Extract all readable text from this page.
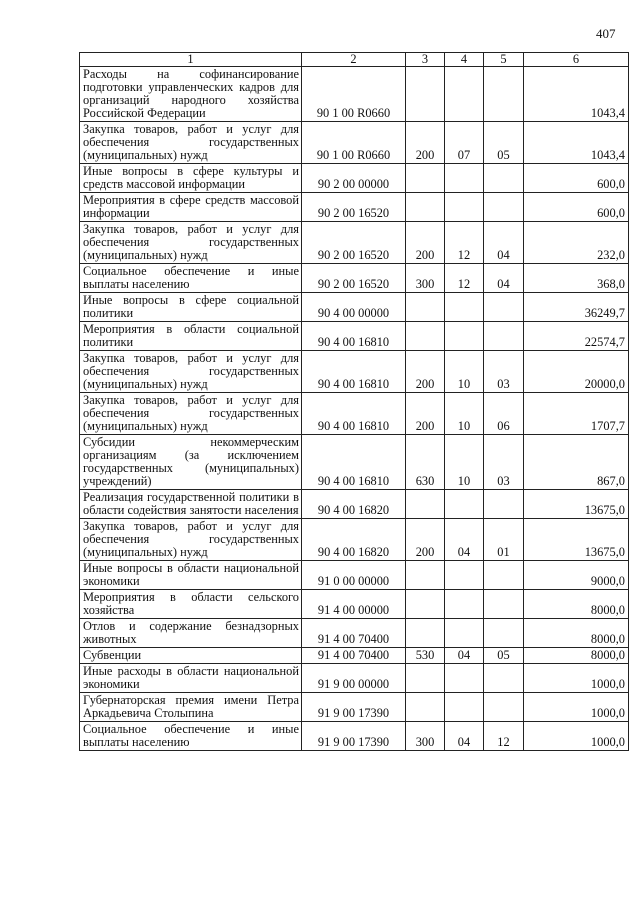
407
1	2	3	4	5	6
Расходы на софинансирование подготовки управленческих кадров для организаций народного хозяйства Российской Федерации	90 1 00 R0660				1043,4
Закупка товаров, работ и услуг для обеспечения государственных (муниципальных) нужд	90 1 00 R0660	200	07	05	1043,4
Иные вопросы в сфере культуры и средств массовой информации	90 2 00 00000				600,0
Мероприятия в сфере средств массовой информации	90 2 00 16520				600,0
Закупка товаров, работ и услуг для обеспечения государственных (муниципальных) нужд	90 2 00 16520	200	12	04	232,0
Социальное обеспечение и иные выплаты населению	90 2 00 16520	300	12	04	368,0
Иные вопросы в сфере социальной политики	90 4 00 00000				36249,7
Мероприятия в области социальной политики	90 4 00 16810				22574,7
Закупка товаров, работ и услуг для обеспечения государственных (муниципальных) нужд	90 4 00 16810	200	10	03	20000,0
Закупка товаров, работ и услуг для обеспечения государственных (муниципальных) нужд	90 4 00 16810	200	10	06	1707,7
Субсидии некоммерческим организациям (за исключением государственных (муниципальных) учреждений)	90 4 00 16810	630	10	03	867,0
Реализация государственной политики в области содействия занятости населения	90 4 00 16820				13675,0
Закупка товаров, работ и услуг для обеспечения государственных (муниципальных) нужд	90 4 00 16820	200	04	01	13675,0
Иные вопросы в области национальной экономики	91 0 00 00000				9000,0
Мероприятия в области сельского хозяйства	91 4 00 00000				8000,0
Отлов и содержание безнадзорных животных	91 4 00 70400				8000,0
Субвенции	91 4 00 70400	530	04	05	8000,0
Иные расходы в области национальной экономики	91 9 00 00000				1000,0
Губернаторская премия имени Петра Аркадьевича Столыпина	91 9 00 17390				1000,0
Социальное обеспечение и иные выплаты населению	91 9 00 17390	300	04	12	1000,0
